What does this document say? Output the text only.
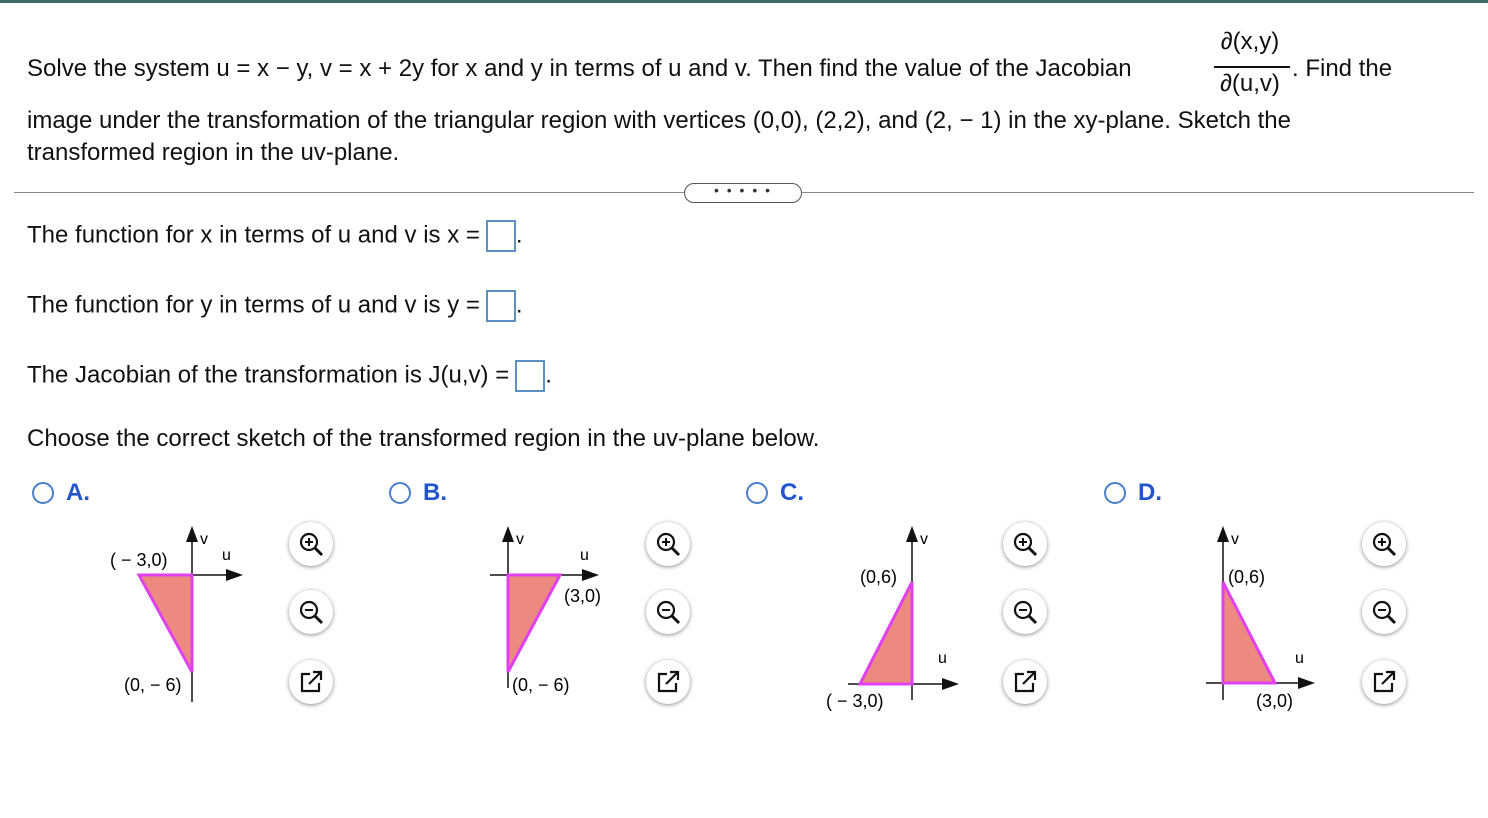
Solve the system u = x − y, v = x + 2y for x and y in terms of u and v. Then find the value of the Jacobian
∂(x,y)
∂(u,v)
. Find the
image under the transformation of the triangular region with vertices (0,0), (2,2), and (2, − 1) in the xy-plane. Sketch the
transformed region in the uv-plane.
• • • • •
The function for x in terms of u and v is x = .
The function for y in terms of u and v is y = .
The Jacobian of the transformation is J(u,v) = .
Choose the correct sketch of the transformed region in the uv-plane below.
A.	B.	C.	D.
v
u
( − 3,0)
(0, − 6)
v
u
(3,0)
(0, − 6)
v
u
(0,6)
( − 3,0)
v
u
(0,6)
(3,0)
